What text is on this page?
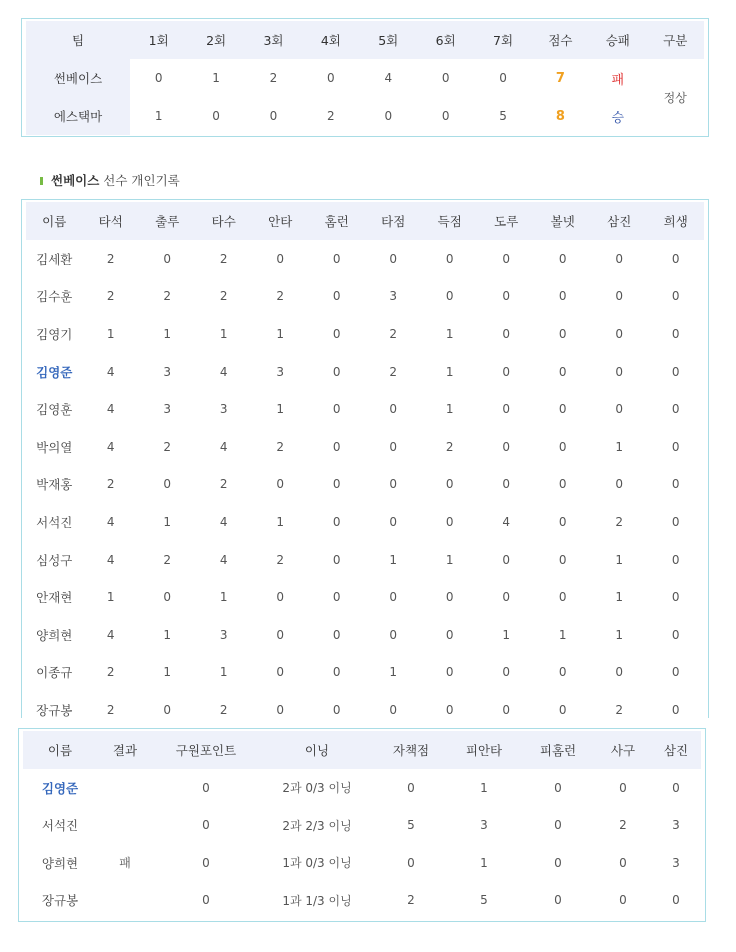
팀	1회	2회	3회	4회	5회	6회	7회	점수	승패	구분
썬베이스	0	1	2	0	4	0	0	7	패	정상
에스택마	1	0	0	2	0	0	5	8	승	
썬베이스 선수 개인기록
이름	타석	출루	타수	안타	홈런	타점	득점	도루	볼넷	삼진	희생
김세환	2	0	2	0	0	0	0	0	0	0	0
김수훈	2	2	2	2	0	3	0	0	0	0	0
김영기	1	1	1	1	0	2	1	0	0	0	0
김영준	4	3	4	3	0	2	1	0	0	0	0
김영훈	4	3	3	1	0	0	1	0	0	0	0
박의열	4	2	4	2	0	0	2	0	0	1	0
박재홍	2	0	2	0	0	0	0	0	0	0	0
서석진	4	1	4	1	0	0	0	4	0	2	0
심성구	4	2	4	2	0	1	1	0	0	1	0
안재현	1	0	1	0	0	0	0	0	0	1	0
양희현	4	1	3	0	0	0	0	1	1	1	0
이종규	2	1	1	0	0	1	0	0	0	0	0
장규봉	2	0	2	0	0	0	0	0	0	2	0
이름	결과	구원포인트	이닝	자책점	피안타	피홈런	사구	삼진
김영준		0	2과 0/3 이닝	0	1	0	0	0
서석진		0	2과 2/3 이닝	5	3	0	2	3
양희현	패	0	1과 0/3 이닝	0	1	0	0	3
장규봉		0	1과 1/3 이닝	2	5	0	0	0
